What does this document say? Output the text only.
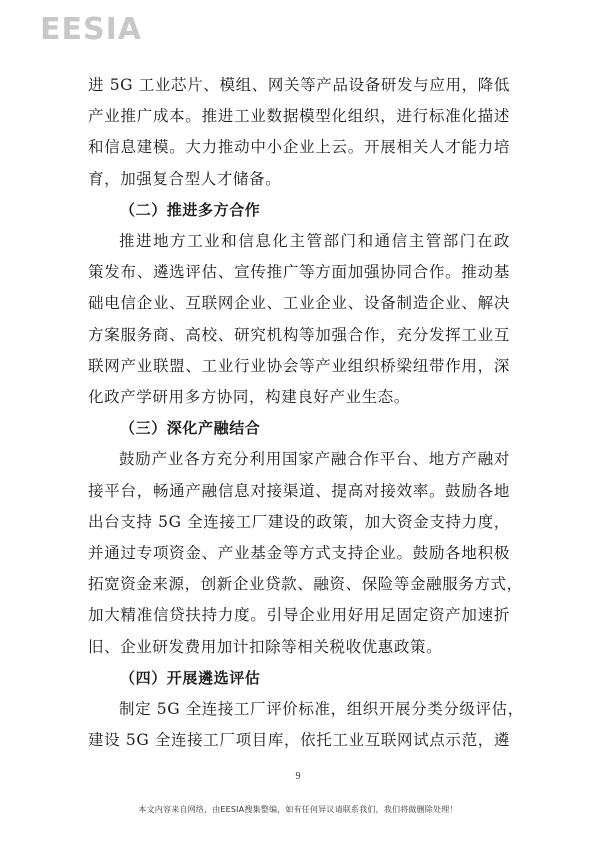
EESIA
进 5G 工业芯片、模组、网关等产品设备研发与应用，降低
产业推广成本。推进工业数据模型化组织，进行标准化描述
和信息建模。大力推动中小企业上云。开展相关人才能力培
育，加强复合型人才储备。
（二）推进多方合作
推进地方工业和信息化主管部门和通信主管部门在政
策发布、遴选评估、宣传推广等方面加强协同合作。推动基
础电信企业、互联网企业、工业企业、设备制造企业、解决
方案服务商、高校、研究机构等加强合作，充分发挥工业互
联网产业联盟、工业行业协会等产业组织桥梁纽带作用，深
化政产学研用多方协同，构建良好产业生态。
（三）深化产融结合
鼓励产业各方充分利用国家产融合作平台、地方产融对
接平台，畅通产融信息对接渠道、提高对接效率。鼓励各地
出台支持 5G 全连接工厂建设的政策，加大资金支持力度，
并通过专项资金、产业基金等方式支持企业。鼓励各地积极
拓宽资金来源，创新企业贷款、融资、保险等金融服务方式，
加大精准信贷扶持力度。引导企业用好用足固定资产加速折
旧、企业研发费用加计扣除等相关税收优惠政策。
（四）开展遴选评估
制定 5G 全连接工厂评价标准，组织开展分类分级评估，
建设 5G 全连接工厂项目库，依托工业互联网试点示范，遴
9
本文内容来自网络，由EESIA搜集整编，如有任何异议请联系我们，我们将做删除处理！
